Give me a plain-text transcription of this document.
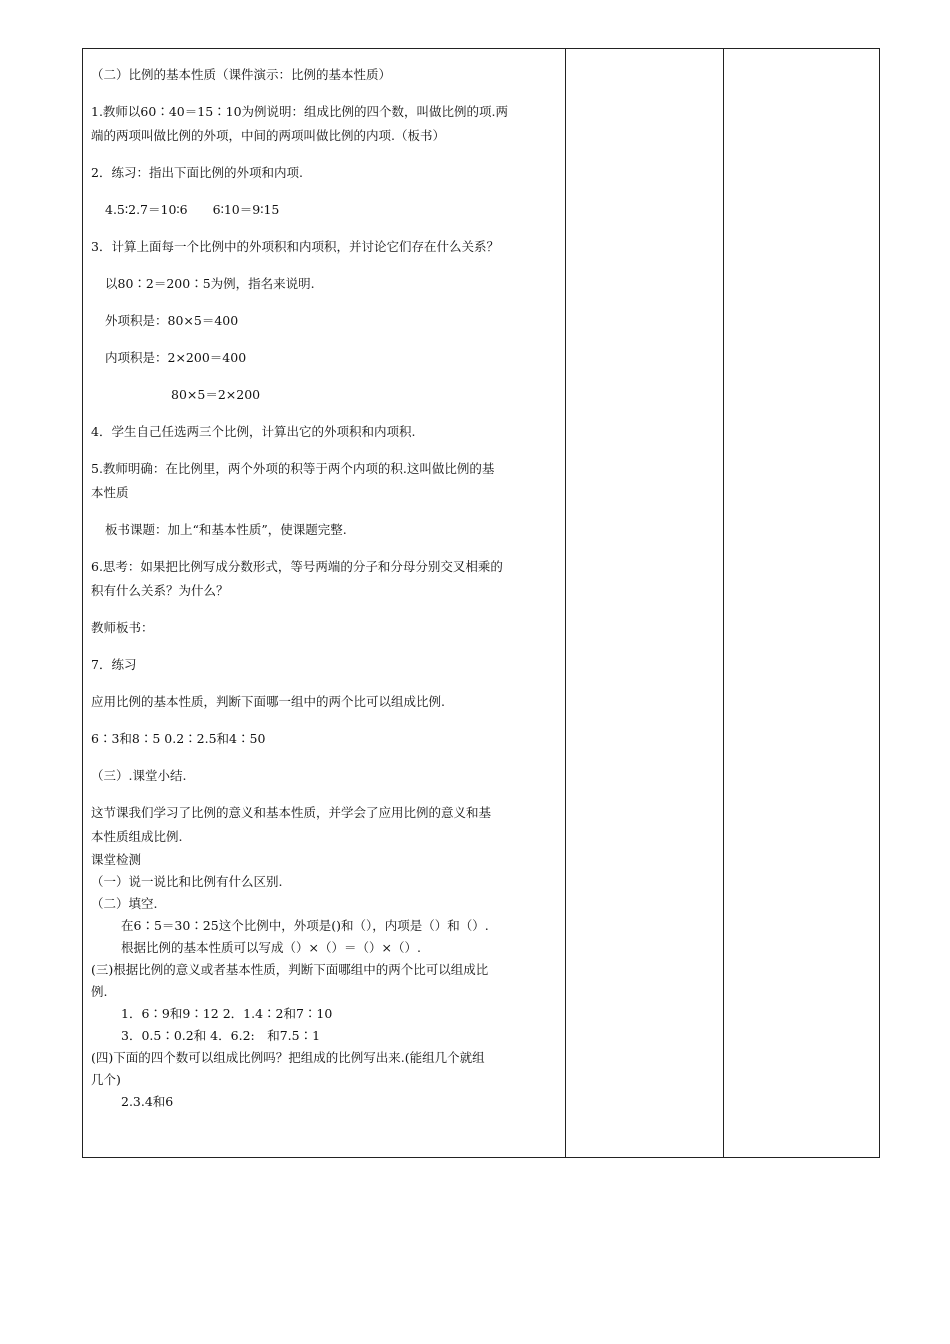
（二）比例的基本性质（课件演示：比例的基本性质）

1.教师以60∶40＝15∶10为例说明：组成比例的四个数，叫做比例的项.两

端的两项叫做比例的外项，中间的两项叫做比例的内项.（板书）

2．练习：指出下面比例的外项和内项.

4.5∶2.7＝10∶6　　6∶10＝9∶15

3．计算上面每一个比例中的外项积和内项积，并讨论它们存在什么关系？

以80∶2＝200∶5为例，指名来说明.

外项积是：80×5＝400

内项积是：2×200＝400

80×5＝2×200

4．学生自己任选两三个比例，计算出它的外项积和内项积.

5.教师明确：在比例里，两个外项的积等于两个内项的积.这叫做比例的基

本性质

板书课题：加上“和基本性质”，使课题完整.

6.思考：如果把比例写成分数形式，等号两端的分子和分母分别交叉相乘的

积有什么关系？为什么？

教师板书：

7．练习

应用比例的基本性质，判断下面哪一组中的两个比可以组成比例.

6∶3和8∶5 0.2∶2.5和4∶50

（三）.课堂小结.

这节课我们学习了比例的意义和基本性质，并学会了应用比例的意义和基

本性质组成比例.

课堂检测

（一）说一说比和比例有什么区别.

（二）填空.

在6∶5＝30∶25这个比例中，外项是()和（），内项是（）和（）.

根据比例的基本性质可以写成（）×（）＝（）×（）.

(三)根据比例的意义或者基本性质，判断下面哪组中的两个比可以组成比

例.

1．6∶9和9∶12 2．1.4∶2和7∶10

3．0.5∶0.2和 4．6.2:　和7.5∶1

(四)下面的四个数可以组成比例吗？把组成的比例写出来.(能组几个就组

几个)

2.3.4和6
